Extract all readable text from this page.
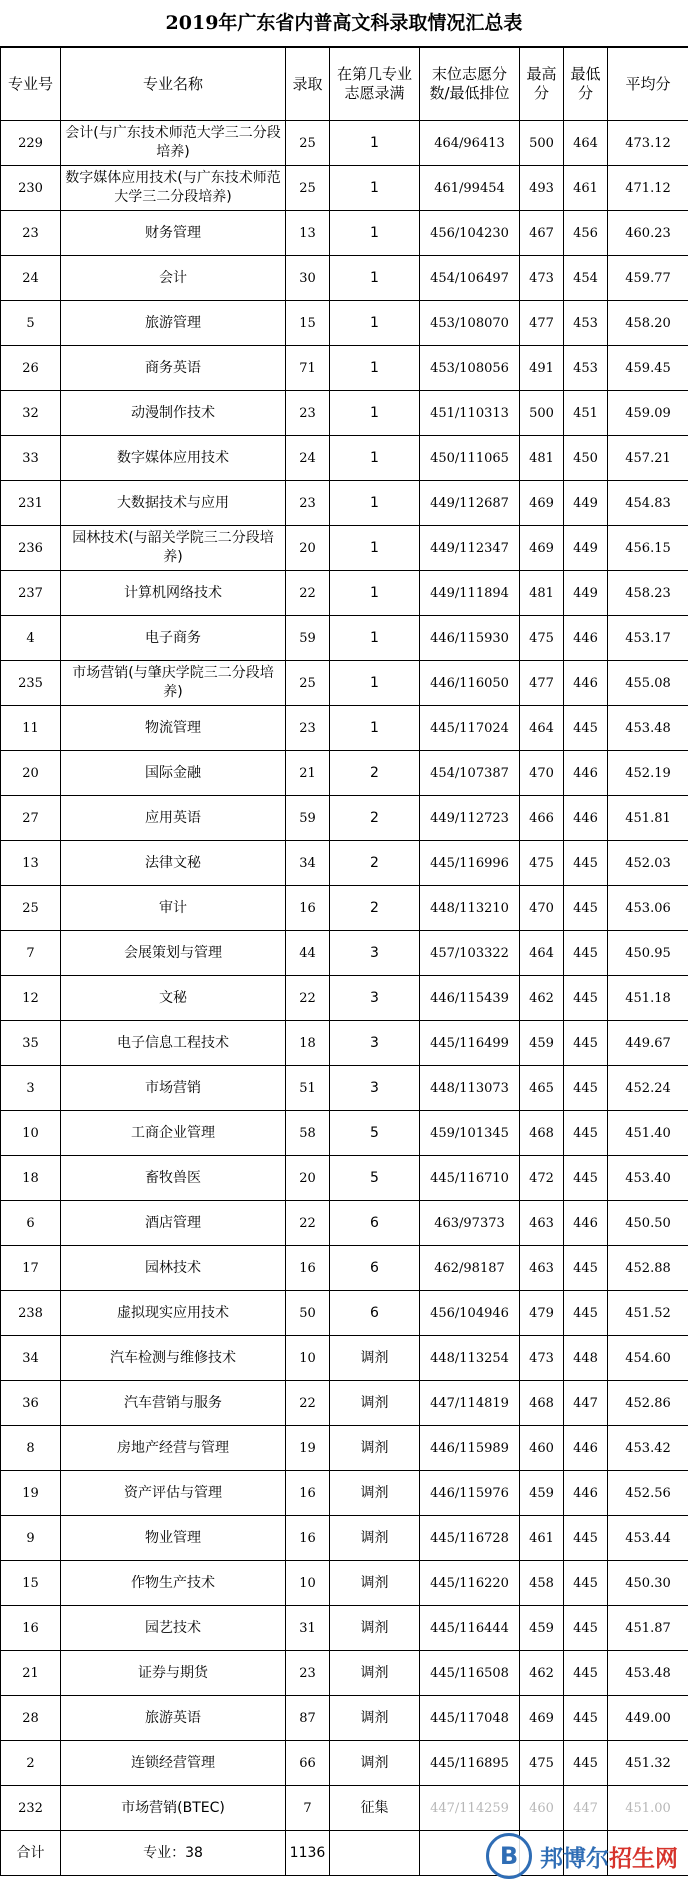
2019年广东省内普高文科录取情况汇总表
专业号	专业名称	录取	在第几专业志愿录满	末位志愿分数/最低排位	最高分	最低分	平均分
229	会计(与广东技术师范大学三二分段培养)	25	1	464/96413	500	464	473.12
230	数字媒体应用技术(与广东技术师范大学三二分段培养)	25	1	461/99454	493	461	471.12
23	财务管理	13	1	456/104230	467	456	460.23
24	会计	30	1	454/106497	473	454	459.77
5	旅游管理	15	1	453/108070	477	453	458.20
26	商务英语	71	1	453/108056	491	453	459.45
32	动漫制作技术	23	1	451/110313	500	451	459.09
33	数字媒体应用技术	24	1	450/111065	481	450	457.21
231	大数据技术与应用	23	1	449/112687	469	449	454.83
236	园林技术(与韶关学院三二分段培养)	20	1	449/112347	469	449	456.15
237	计算机网络技术	22	1	449/111894	481	449	458.23
4	电子商务	59	1	446/115930	475	446	453.17
235	市场营销(与肇庆学院三二分段培养)	25	1	446/116050	477	446	455.08
11	物流管理	23	1	445/117024	464	445	453.48
20	国际金融	21	2	454/107387	470	446	452.19
27	应用英语	59	2	449/112723	466	446	451.81
13	法律文秘	34	2	445/116996	475	445	452.03
25	审计	16	2	448/113210	470	445	453.06
7	会展策划与管理	44	3	457/103322	464	445	450.95
12	文秘	22	3	446/115439	462	445	451.18
35	电子信息工程技术	18	3	445/116499	459	445	449.67
3	市场营销	51	3	448/113073	465	445	452.24
10	工商企业管理	58	5	459/101345	468	445	451.40
18	畜牧兽医	20	5	445/116710	472	445	453.40
6	酒店管理	22	6	463/97373	463	446	450.50
17	园林技术	16	6	462/98187	463	445	452.88
238	虚拟现实应用技术	50	6	456/104946	479	445	451.52
34	汽车检测与维修技术	10	调剂	448/113254	473	448	454.60
36	汽车营销与服务	22	调剂	447/114819	468	447	452.86
8	房地产经营与管理	19	调剂	446/115989	460	446	453.42
19	资产评估与管理	16	调剂	446/115976	459	446	452.56
9	物业管理	16	调剂	445/116728	461	445	453.44
15	作物生产技术	10	调剂	445/116220	458	445	450.30
16	园艺技术	31	调剂	445/116444	459	445	451.87
21	证券与期货	23	调剂	445/116508	462	445	453.48
28	旅游英语	87	调剂	445/117048	469	445	449.00
2	连锁经营管理	66	调剂	445/116895	475	445	451.32
232	市场营销(BTEC)	7	征集	447/114259	460	447	451.00
合计	专业：38	1136						B 邦博尔招生网
